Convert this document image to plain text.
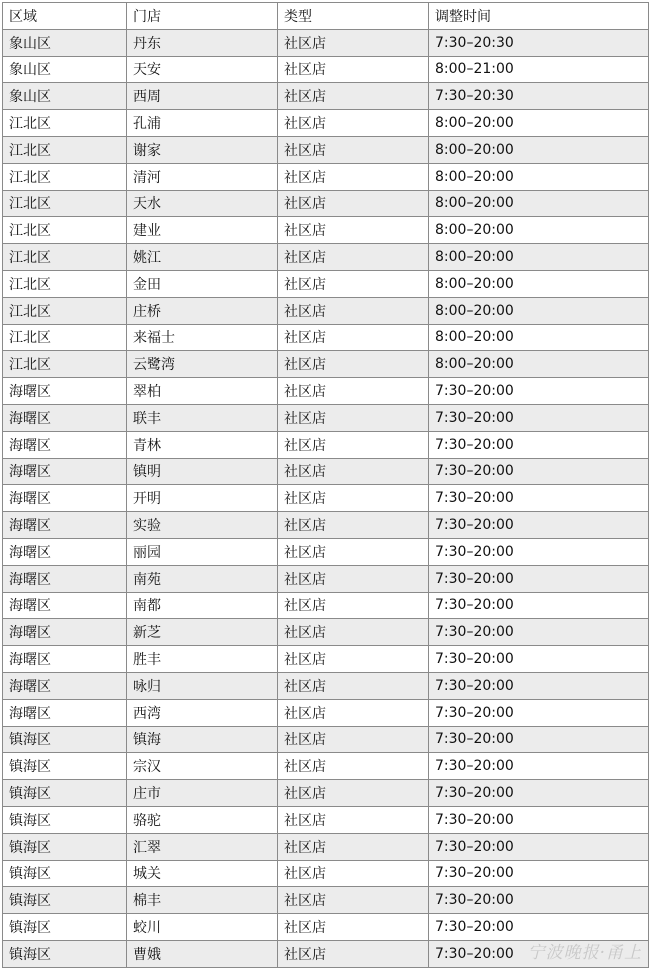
区域	门店	类型	调整时间
象山区	丹东	社区店	7:30–20:30
象山区	天安	社区店	8:00–21:00
象山区	西周	社区店	7:30–20:30
江北区	孔浦	社区店	8:00–20:00
江北区	谢家	社区店	8:00–20:00
江北区	清河	社区店	8:00–20:00
江北区	天水	社区店	8:00–20:00
江北区	建业	社区店	8:00–20:00
江北区	姚江	社区店	8:00–20:00
江北区	金田	社区店	8:00–20:00
江北区	庄桥	社区店	8:00–20:00
江北区	来福士	社区店	8:00–20:00
江北区	云鹭湾	社区店	8:00–20:00
海曙区	翠柏	社区店	7:30–20:00
海曙区	联丰	社区店	7:30–20:00
海曙区	青林	社区店	7:30–20:00
海曙区	镇明	社区店	7:30–20:00
海曙区	开明	社区店	7:30–20:00
海曙区	实验	社区店	7:30–20:00
海曙区	丽园	社区店	7:30–20:00
海曙区	南苑	社区店	7:30–20:00
海曙区	南都	社区店	7:30–20:00
海曙区	新芝	社区店	7:30–20:00
海曙区	胜丰	社区店	7:30–20:00
海曙区	咏归	社区店	7:30–20:00
海曙区	西湾	社区店	7:30–20:00
镇海区	镇海	社区店	7:30–20:00
镇海区	宗汉	社区店	7:30–20:00
镇海区	庄市	社区店	7:30–20:00
镇海区	骆驼	社区店	7:30–20:00
镇海区	汇翠	社区店	7:30–20:00
镇海区	城关	社区店	7:30–20:00
镇海区	棉丰	社区店	7:30–20:00
镇海区	蛟川	社区店	7:30–20:00
镇海区	曹娥	社区店	7:30–20:00 宁波晚报·甬上
